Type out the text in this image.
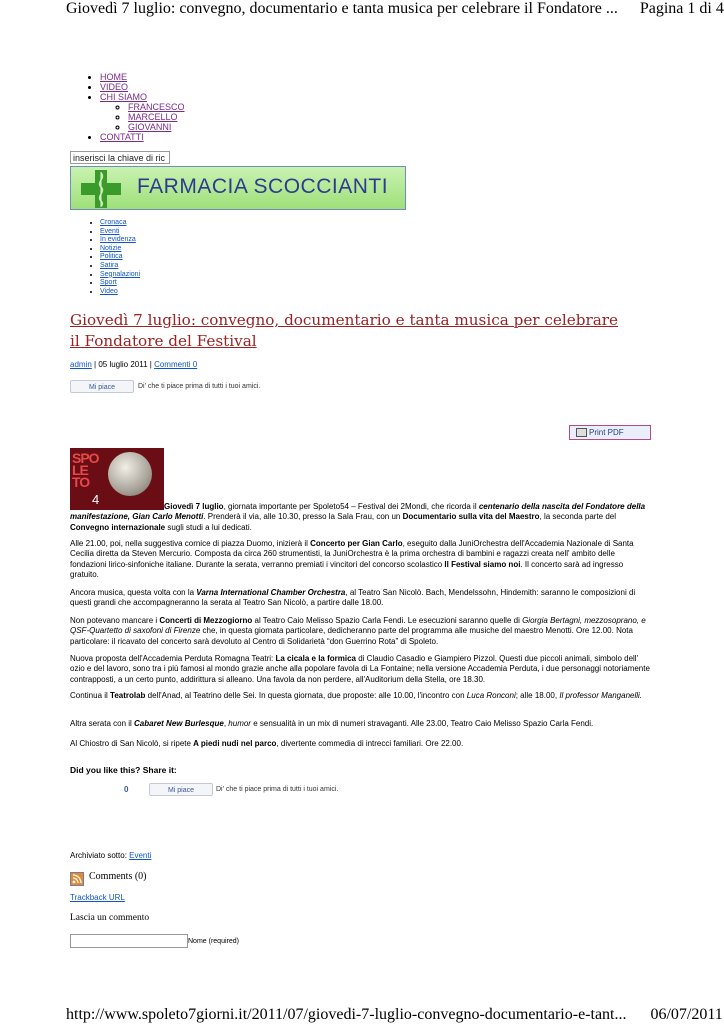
Giovedì 7 luglio: convegno, documentario e tanta musica per celebrare il Fondatore ... Pagina 1 di 4
• HOME
• VIDEO
• CHI SIAMO
◦ FRANCESCO
◦ MARCELLO
◦ GIOVANNI
• CONTATTI
inserisci la chiave di ric
FARMACIA SCOCCIANTI
• Cronaca
• Eventi
• In evidenza
• Notizie
• Politica
• Satira
• Segnalazioni
• Sport
• Video
Giovedì 7 luglio: convegno, documentario e tanta musica per celebrare il Fondatore del Festival
admin | 05 luglio 2011 | Commenti 0
Mi piace	Di' che ti piace prima di tutti i tuoi amici.
Print PDF
SPO
LE
TO
4	Giovedì 7 luglio, giornata importante per Spoleto54 – Festival dei 2Mondi, che ricorda il centenario della nascita del Fondatore della manifestazione, Gian Carlo Menotti. Prenderà il via, alle 10.30, presso la Sala Frau, con un Documentario sulla vita del Maestro, la seconda parte del Convegno internazionale sugli studi a lui dedicati.
Alle 21.00, poi, nella suggestiva cornice di piazza Duomo, inizierà il Concerto per Gian Carlo, eseguito dalla JuniOrchestra dell'Accademia Nazionale di Santa Cecilia diretta da Steven Mercurio. Composta da circa 260 strumentisti, la JuniOrchestra è la prima orchestra di bambini e ragazzi creata nell' ambito delle fondazioni lirico-sinfoniche italiane. Durante la serata, verranno premiati i vincitori del concorso scolastico Il Festival siamo noi. Il concerto sarà ad ingresso gratuito.
Ancora musica, questa volta con la Varna International Chamber Orchestra, al Teatro San Nicolò. Bach, Mendelssohn, Hindemith: saranno le composizioni di questi grandi che accompagneranno la serata al Teatro San Nicolò, a partire dalle 18.00.
Non potevano mancare i Concerti di Mezzogiorno al Teatro Caio Melisso Spazio Carla Fendi. Le esecuzioni saranno quelle di Giorgia Bertagni, mezzosoprano, e QSF-Quartetto di saxofoni di Firenze che, in questa giornata particolare, dedicheranno parte del programma alle musiche del maestro Menotti. Ore 12.00. Nota particolare: il ricavato del concerto sarà devoluto al Centro di Solidarietà “don Guerrino Rota” di Spoleto.
Nuova proposta dell'Accademia Perduta Romagna Teatri: La cicala e la formica di Claudio Casadio e Giampiero Pizzol. Questi due piccoli animali, simbolo dell' ozio e del lavoro, sono tra i più famosi al mondo grazie anche alla popolare favola di La Fontaine; nella versione Accademia Perduta, i due personaggi notoriamente contrapposti, a un certo punto, addirittura si alleano. Una favola da non perdere, all'Auditorium della Stella, ore 18.30.
Continua il Teatrolab dell'Anad, al Teatrino delle Sei. In questa giornata, due proposte: alle 10.00, l'incontro con Luca Ronconi; alle 18.00, Il professor Manganelli.
Altra serata con il Cabaret New Burlesque, humor e sensualità in un mix di numeri stravaganti. Alle 23.00, Teatro Caio Melisso Spazio Carla Fendi.
Al Chiostro di San Nicolò, si ripete A piedi nudi nel parco, divertente commedia di intrecci familiari. Ore 22.00.
Did you like this? Share it:
0	Mi piace	Di' che ti piace prima di tutti i tuoi amici.
Archiviato sotto: Eventi
Comments (0)
Trackback URL
Lascia un commento
Nome (required)
http://www.spoleto7giorni.it/2011/07/giovedi-7-luglio-convegno-documentario-e-tant... 06/07/2011
